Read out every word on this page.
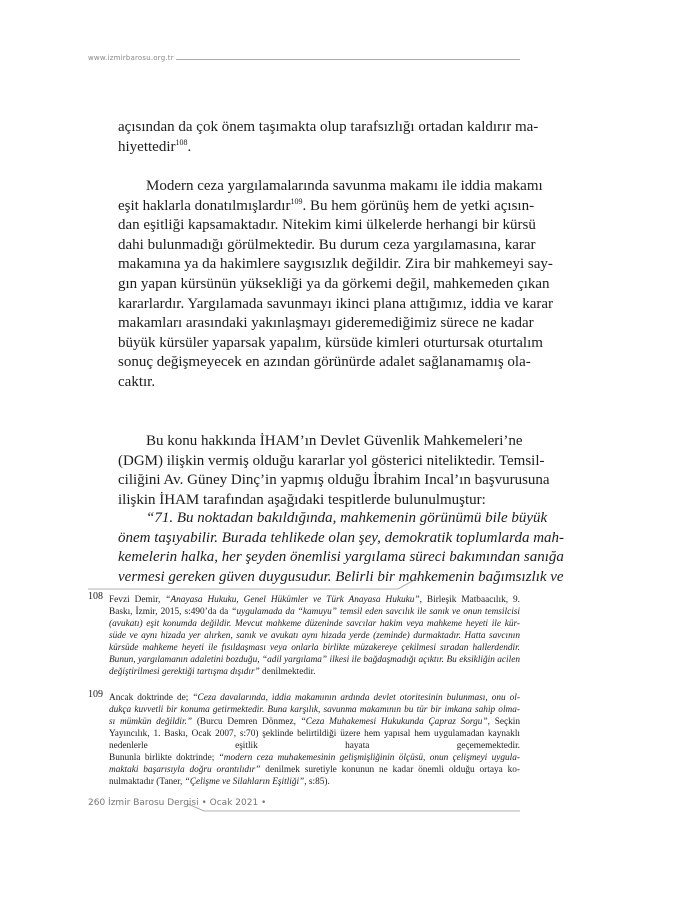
www.izmirbarosu.org.tr
açısından da çok önem taşımakta olup tarafsızlığı ortadan kaldırır ma-
hiyettedir$^{108}$.
Modern ceza yargılamalarında savunma makamı ile iddia makamı
eşit haklarla donatılmışlardır$^{109}$. Bu hem görünüş hem de yetki açısın-
dan eşitliği kapsamaktadır. Nitekim kimi ülkelerde herhangi bir kürsü
dahi bulunmadığı görülmektedir. Bu durum ceza yargılamasına, karar
makamına ya da hakimlere saygısızlık değildir. Zira bir mahkemeyi say-
gın yapan kürsünün yüksekliği ya da görkemi değil, mahkemeden çıkan
kararlardır. Yargılamada savunmayı ikinci plana attığımız, iddia ve karar
makamları arasındaki yakınlaşmayı gideremediğimiz sürece ne kadar
büyük kürsüler yaparsak yapalım, kürsüde kimleri oturtursak oturtalım
sonuç değişmeyecek en azından görünürde adalet sağlanamamış ola-
caktır.
Bu konu hakkında İHAM’ın Devlet Güvenlik Mahkemeleri’ne
(DGM) ilişkin vermiş olduğu kararlar yol gösterici niteliktedir. Temsil-
ciliğini Av. Güney Dinç’in yapmış olduğu İbrahim Incal’ın başvurusuna
ilişkin İHAM tarafından aşağıdaki tespitlerde bulunulmuştur:
“71. Bu noktadan bakıldığında, mahkemenin görünümü bile büyük
önem taşıyabilir. Burada tehlikede olan şey, demokratik toplumlarda mah-
kemelerin halka, her şeyden önemlisi yargılama süreci bakımından sanığa
vermesi gereken güven duygusudur. Belirli bir mahkemenin bağımsızlık ve
108 Fevzi Demir, “Anayasa Hukuku, Genel Hükümler ve Türk Anayasa Hukuku”, Birleşik Matbaacılık, 9.
Baskı, İzmir, 2015, s:490’da da “uygulamada da “kamuyu” temsil eden savcılık ile sanık ve onun temsilcisi
(avukatı) eşit konumda değildir. Mevcut mahkeme düzeninde savcılar hakim veya mahkeme heyeti ile kür-
süde ve aynı hizada yer alırken, sanık ve avukatı aynı hizada yerde (zeminde) durmaktadır. Hatta savcının
kürsüde mahkeme heyeti ile fısıldaşması veya onlarla birlikte müzakereye çekilmesi sıradan hallerdendir.
Bunun, yargılamanın adaletini bozduğu, “adil yargılama” ilkesi ile bağdaşmadığı açıktır. Bu eksikliğin acilen
değiştirilmesi gerektiği tartışma dışıdır” denilmektedir.
109 Ancak doktrinde de; “Ceza davalarında, iddia makamının ardında devlet otoritesinin bulunması, onu ol-
dukça kuvvetli bir konuma getirmektedir. Buna karşılık, savunma makamının bu tür bir imkana sahip olma-
sı mümkün değildir.” (Burcu Demren Dönmez, “Ceza Muhakemesi Hukukunda Çapraz Sorgu”, Seçkin
Yayıncılık, 1. Baskı, Ocak 2007, s:70) şeklinde belirtildiği üzere hem yapısal hem uygulamadan kaynaklı
nedenlerle eşitlik hayata geçememektedir.
Bununla birlikte doktrinde; “modern ceza muhakemesinin gelişmişliğinin ölçüsü, onun çelişmeyi uygula-
maktaki başarısıyla doğru orantılıdır” denilmek suretiyle konunun ne kadar önemli olduğu ortaya ko-
nulmaktadır (Taner, “Çelişme ve Silahların Eşitliği”, s:85).
260 İzmir Barosu Dergisi • Ocak 2021 •
